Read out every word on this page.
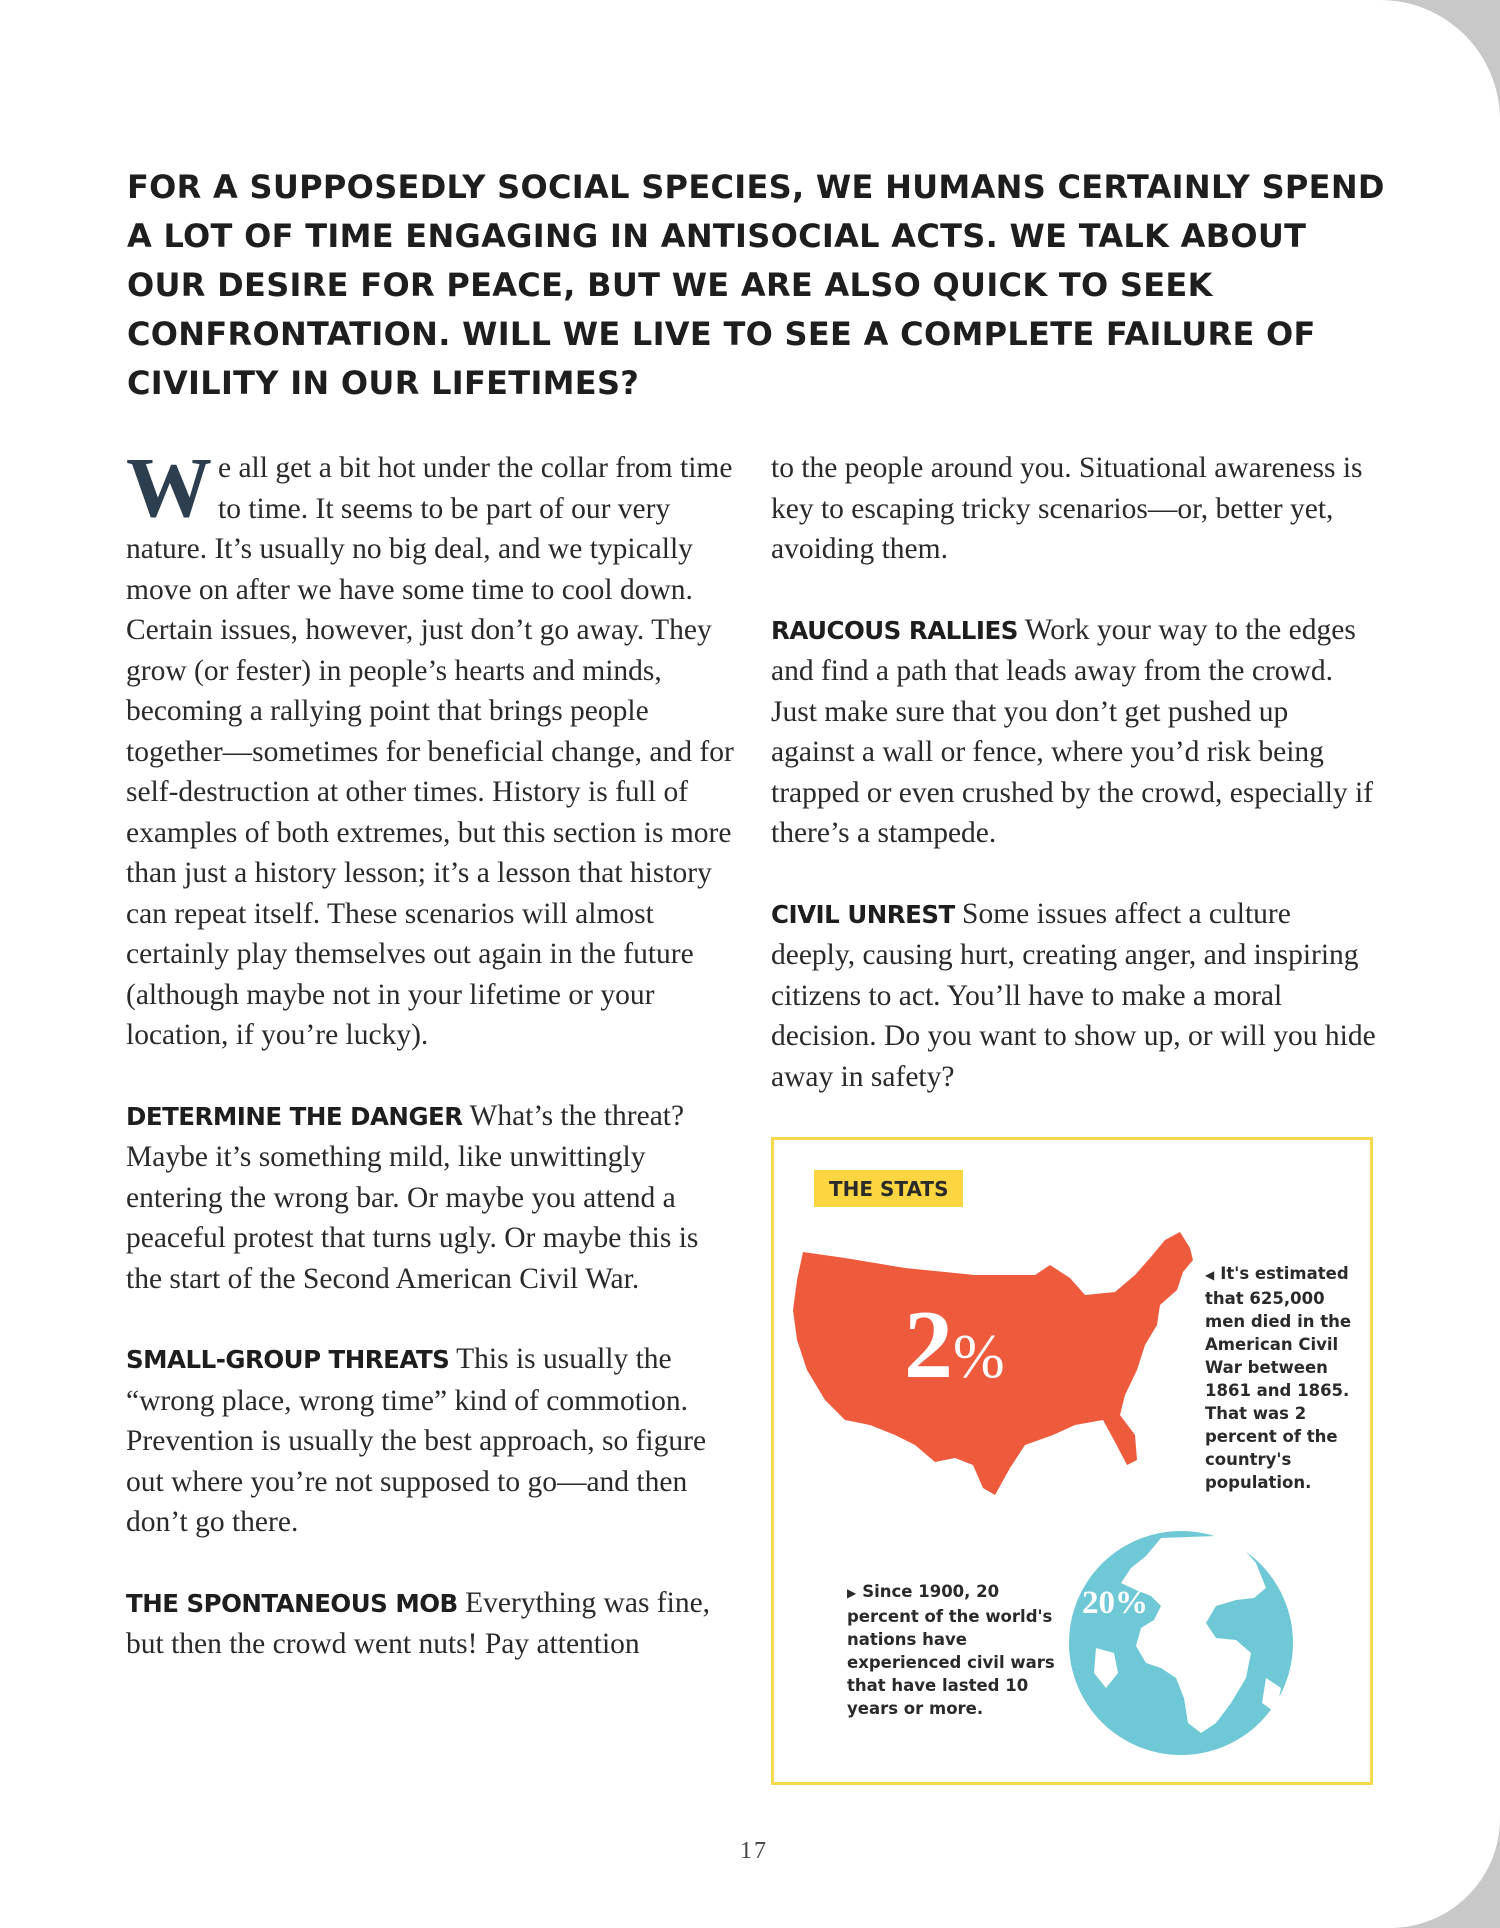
FOR A SUPPOSEDLY SOCIAL SPECIES, WE HUMANS CERTAINLY SPEND A LOT OF TIME ENGAGING IN ANTISOCIAL ACTS. WE TALK ABOUT OUR DESIRE FOR PEACE, BUT WE ARE ALSO QUICK TO SEEK CONFRONTATION. WILL WE LIVE TO SEE A COMPLETE FAILURE OF CIVILITY IN OUR LIFETIMES?

We all get a bit hot under the collar from time to time. It seems to be part of our very nature. It’s usually no big deal, and we typically move on after we have some time to cool down. Certain issues, however, just don’t go away. They grow (or fester) in people’s hearts and minds, becoming a rallying point that brings people together—sometimes for beneficial change, and for self-destruction at other times. History is full of examples of both extremes, but this section is more than just a history lesson; it’s a lesson that history can repeat itself. These scenarios will almost certainly play themselves out again in the future (although maybe not in your lifetime or your location, if you’re lucky).

DETERMINE THE DANGER What’s the threat? Maybe it’s something mild, like unwittingly entering the wrong bar. Or maybe you attend a peaceful protest that turns ugly. Or maybe this is the start of the Second American Civil War.

SMALL-GROUP THREATS This is usually the “wrong place, wrong time” kind of commotion. Prevention is usually the best approach, so figure out where you’re not supposed to go—and then don’t go there.

THE SPONTANEOUS MOB Everything was fine, but then the crowd went nuts! Pay attention

to the people around you. Situational awareness is key to escaping tricky scenarios—or, better yet, avoiding them.

RAUCOUS RALLIES Work your way to the edges and find a path that leads away from the crowd. Just make sure that you don’t get pushed up against a wall or fence, where you’d risk being trapped or even crushed by the crowd, especially if there’s a stampede.

CIVIL UNREST Some issues affect a culture deeply, causing hurt, creating anger, and inspiring citizens to act. You’ll have to make a moral decision. Do you want to show up, or will you hide away in safety?

THE STATS
2%
◀ It's estimated that 625,000 men died in the American Civil War between 1861 and 1865. That was 2 percent of the country's population.
▶ Since 1900, 20 percent of the world's nations have experienced civil wars that have lasted 10 years or more.
20%
17
